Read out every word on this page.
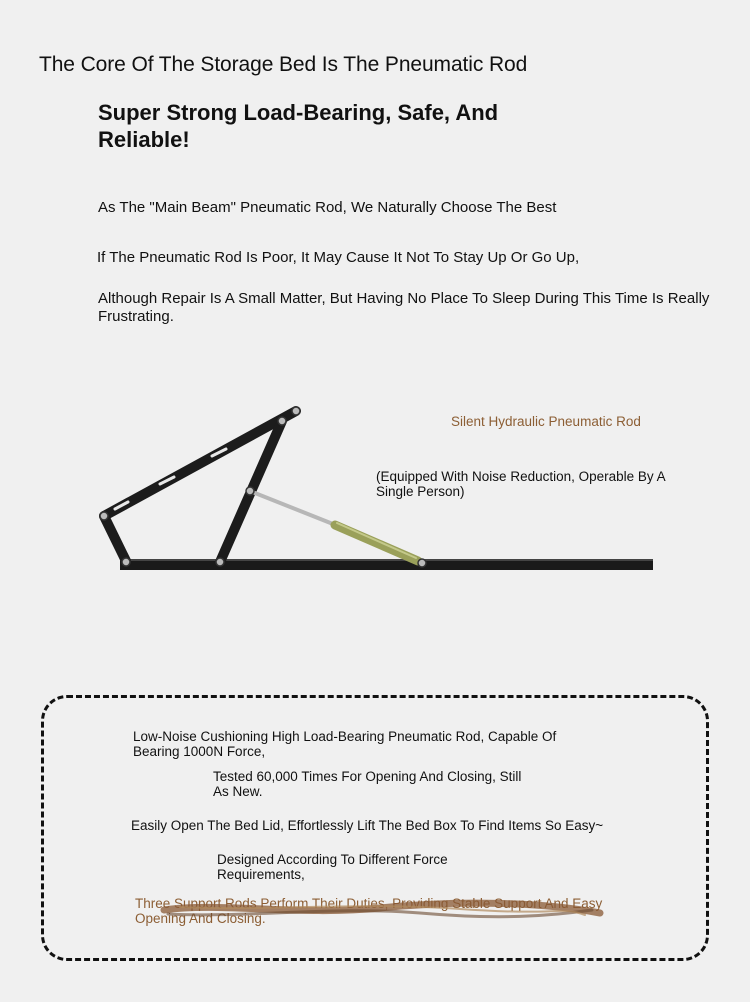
The Core Of The Storage Bed Is The Pneumatic Rod
Super Strong Load-Bearing, Safe, And Reliable!

As The "Main Beam" Pneumatic Rod, We Naturally Choose The Best

If The Pneumatic Rod Is Poor, It May Cause It Not To Stay Up Or Go Up,

Although Repair Is A Small Matter, But Having No Place To Sleep During This Time Is Really Frustrating.

Silent Hydraulic Pneumatic Rod

(Equipped With Noise Reduction, Operable By A Single Person)

Low-Noise Cushioning High Load-Bearing Pneumatic Rod, Capable Of Bearing 1000N Force,

Tested 60,000 Times For Opening And Closing, Still As New.

Easily Open The Bed Lid, Effortlessly Lift The Bed Box To Find Items So Easy~

Designed According To Different Force Requirements,

Three Support Rods Perform Their Duties, Providing Stable Support And Easy Opening And Closing.
